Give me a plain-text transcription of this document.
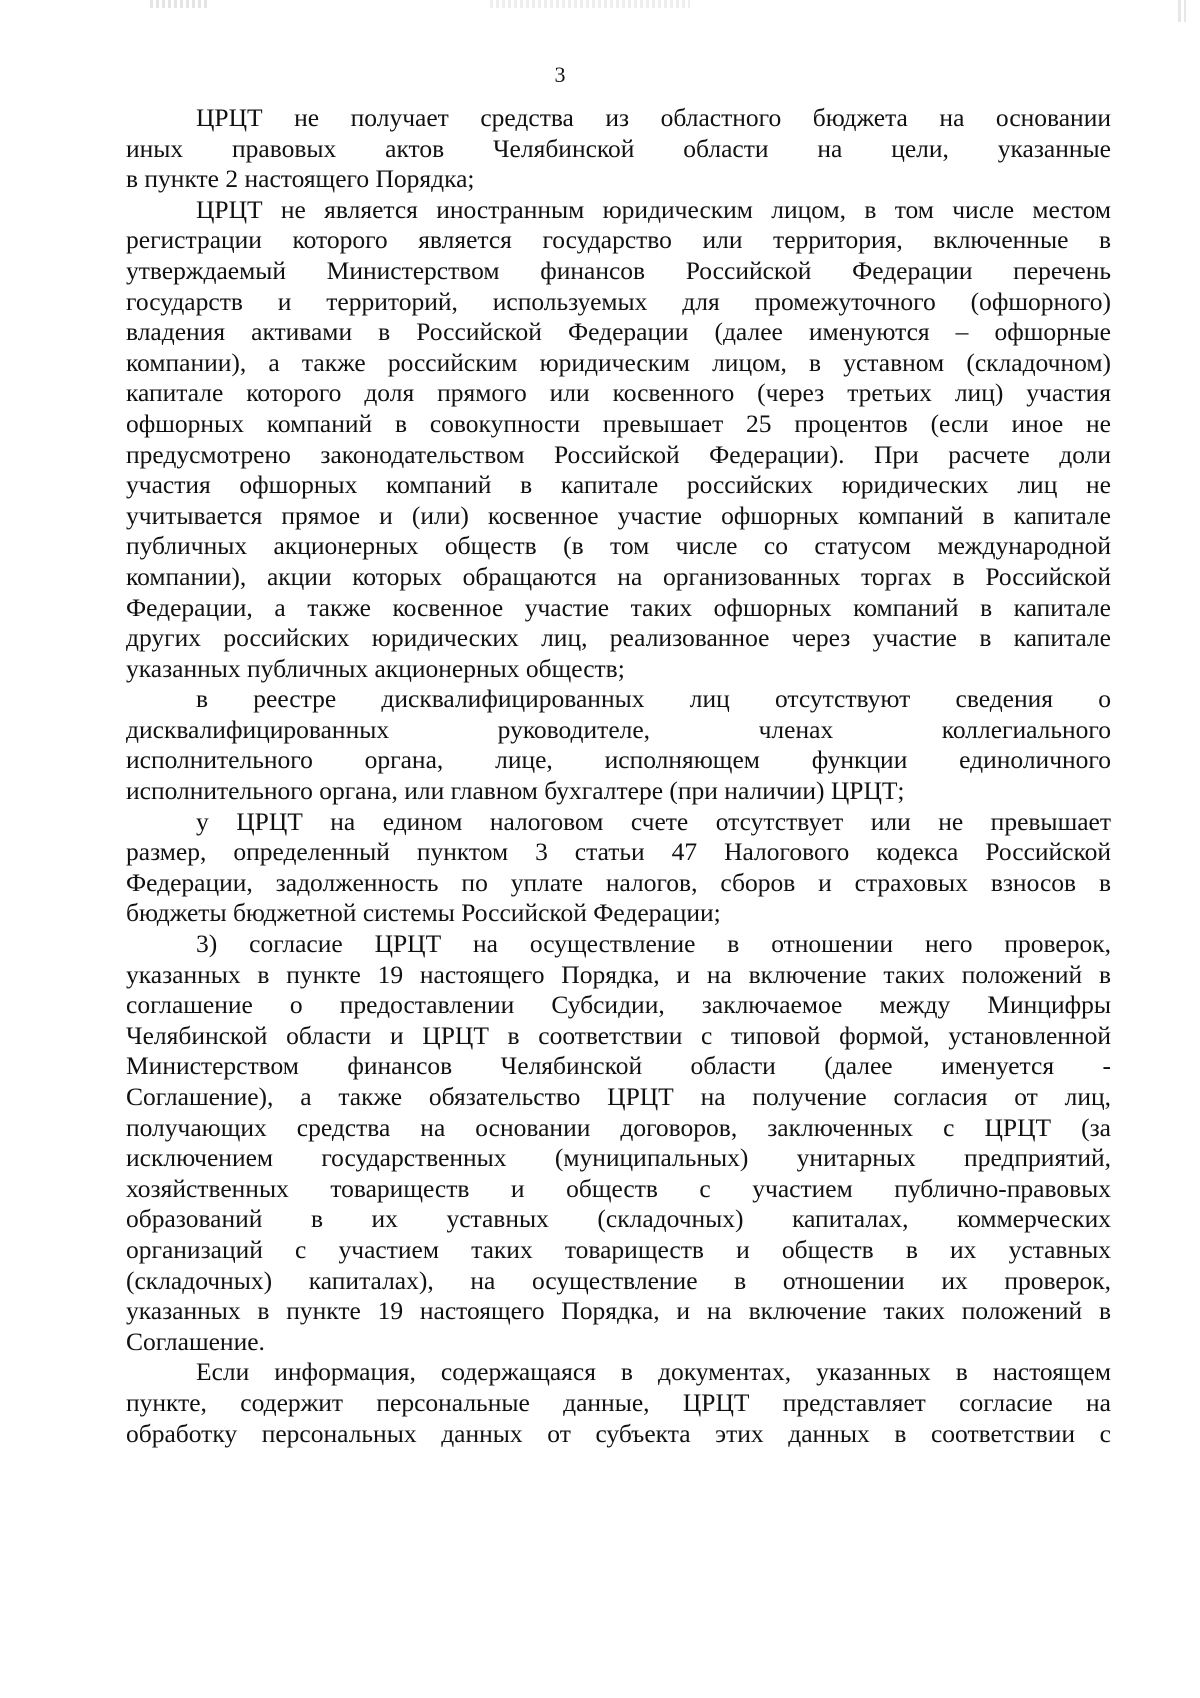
3
ЦРЦТ не получает средства из областного бюджета на основании
иных правовых актов Челябинской области на цели, указанные
в пункте 2 настоящего Порядка;
ЦРЦТ не является иностранным юридическим лицом, в том числе местом
регистрации которого является государство или территория, включенные в
утверждаемый Министерством финансов Российской Федерации перечень
государств и территорий, используемых для промежуточного (офшорного)
владения активами в Российской Федерации (далее именуются – офшорные
компании), а также российским юридическим лицом, в уставном (складочном)
капитале которого доля прямого или косвенного (через третьих лиц) участия
офшорных компаний в совокупности превышает 25 процентов (если иное не
предусмотрено законодательством Российской Федерации). При расчете доли
участия офшорных компаний в капитале российских юридических лиц не
учитывается прямое и (или) косвенное участие офшорных компаний в капитале
публичных акционерных обществ (в том числе со статусом международной
компании), акции которых обращаются на организованных торгах в Российской
Федерации, а также косвенное участие таких офшорных компаний в капитале
других российских юридических лиц, реализованное через участие в капитале
указанных публичных акционерных обществ;
в реестре дисквалифицированных лиц отсутствуют сведения о
дисквалифицированных руководителе, членах коллегиального
исполнительного органа, лице, исполняющем функции единоличного
исполнительного органа, или главном бухгалтере (при наличии) ЦРЦТ;
у ЦРЦТ на едином налоговом счете отсутствует или не превышает
размер, определенный пунктом 3 статьи 47 Налогового кодекса Российской
Федерации, задолженность по уплате налогов, сборов и страховых взносов в
бюджеты бюджетной системы Российской Федерации;
3) согласие ЦРЦТ на осуществление в отношении него проверок,
указанных в пункте 19 настоящего Порядка, и на включение таких положений в
соглашение о предоставлении Субсидии, заключаемое между Минцифры
Челябинской области и ЦРЦТ в соответствии с типовой формой, установленной
Министерством финансов Челябинской области (далее именуется -
Соглашение), а также обязательство ЦРЦТ на получение согласия от лиц,
получающих средства на основании договоров, заключенных с ЦРЦТ (за
исключением государственных (муниципальных) унитарных предприятий,
хозяйственных товариществ и обществ с участием публично-правовых
образований в их уставных (складочных) капиталах, коммерческих
организаций с участием таких товариществ и обществ в их уставных
(складочных) капиталах), на осуществление в отношении их проверок,
указанных в пункте 19 настоящего Порядка, и на включение таких положений в
Соглашение.
Если информация, содержащаяся в документах, указанных в настоящем
пункте, содержит персональные данные, ЦРЦТ представляет согласие на
обработку персональных данных от субъекта этих данных в соответствии с
